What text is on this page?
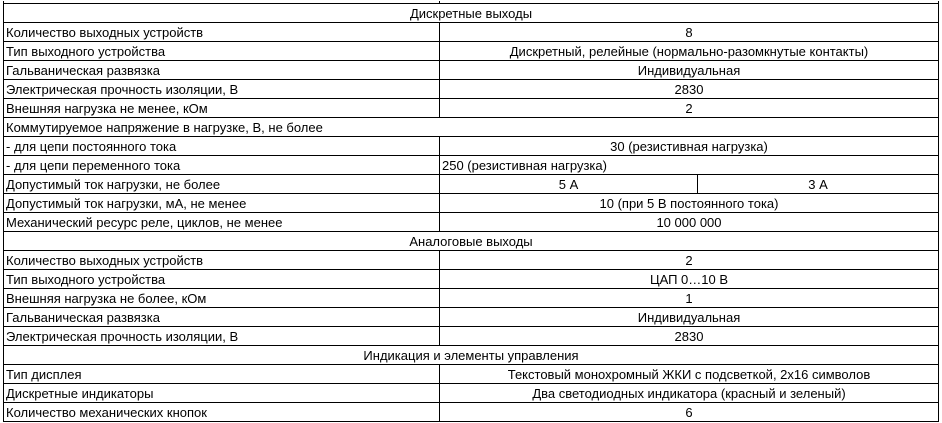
Дискретные выходы		
Количество выходных устройств	8	
Тип выходного устройства	Дискретный, релейные (нормально-разомкнутые контакты)	
Гальваническая развязка	Индивидуальная	
Электрическая прочность изоляции, В	2830	
Внешняя нагрузка не менее, кОм	2	
Коммутируемое напряжение в нагрузке, В, не более		
- для цепи постоянного тока	30 (резистивная нагрузка)	
- для цепи переменного тока	250 (резистивная нагрузка)	
Допустимый ток нагрузки, не более	5 А	3 А
Допустимый ток нагрузки, мА, не менее	10 (при 5 В постоянного тока)	
Механический ресурс реле, циклов, не менее	10 000 000	
Аналоговые выходы		
Количество выходных устройств	2	
Тип выходного устройства	ЦАП 0…10 В	
Внешняя нагрузка не более, кОм	1	
Гальваническая развязка	Индивидуальная	
Электрическая прочность изоляции, В	2830	
Индикация и элементы управления		
Тип дисплея	Текстовый монохромный ЖКИ с подсветкой, 2х16 символов	
Дискретные индикаторы	Два светодиодных индикатора (красный и зеленый)	
Количество механических кнопок	6	
